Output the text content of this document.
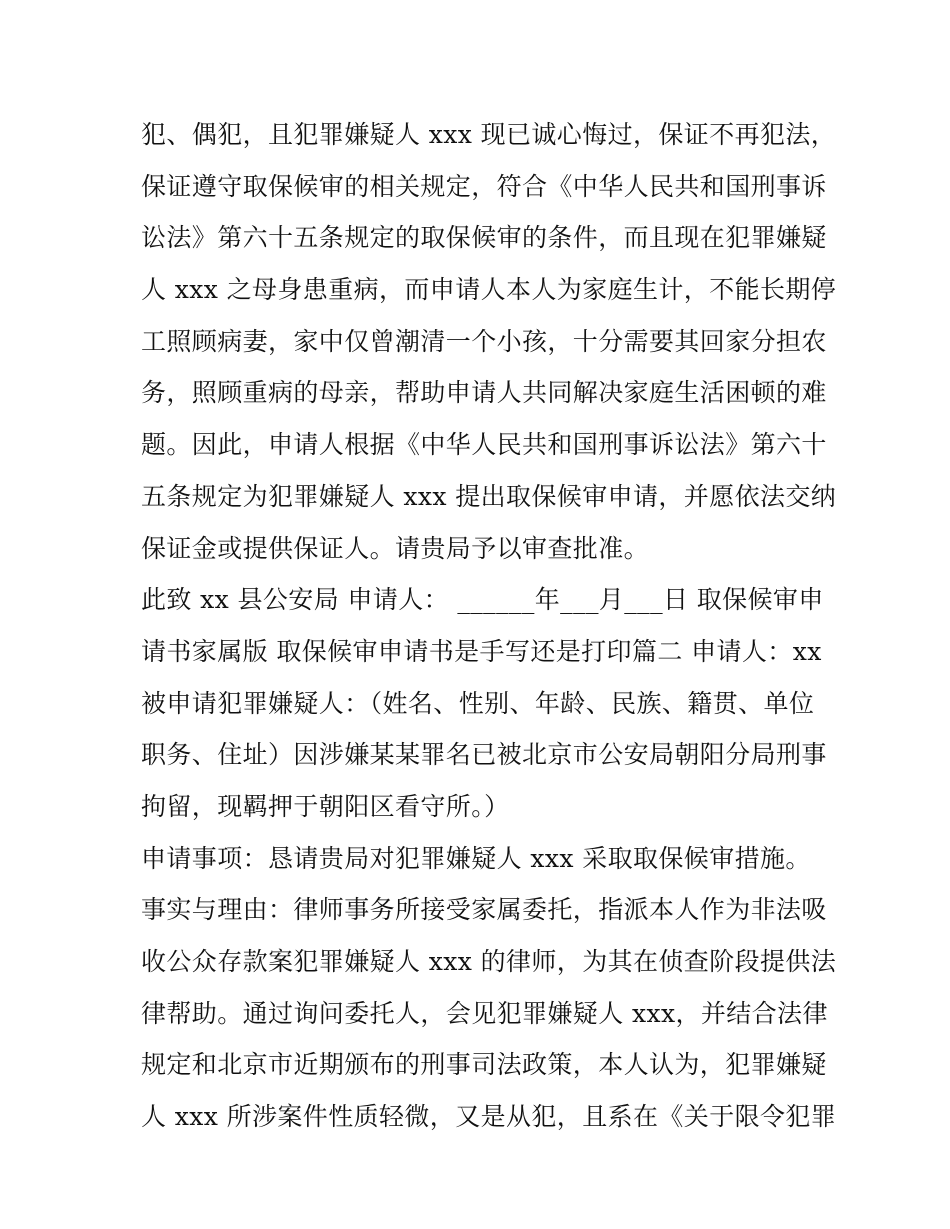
犯、偶犯，且犯罪嫌疑人 xxx 现已诚心悔过，保证不再犯法，
保证遵守取保候审的相关规定，符合《中华人民共和国刑事诉
讼法》第六十五条规定的取保候审的条件，而且现在犯罪嫌疑
人 xxx 之母身患重病，而申请人本人为家庭生计，不能长期停
工照顾病妻，家中仅曾潮清一个小孩，十分需要其回家分担农
务，照顾重病的母亲，帮助申请人共同解决家庭生活困顿的难
题。因此，申请人根据《中华人民共和国刑事诉讼法》第六十
五条规定为犯罪嫌疑人 xxx 提出取保候审申请，并愿依法交纳
保证金或提供保证人。请贵局予以审查批准。
此致 xx 县公安局 申请人： ______年___月___日 取保候审申
请书家属版 取保候审申请书是手写还是打印篇二 申请人：xx
被申请犯罪嫌疑人：（姓名、性别、年龄、民族、籍贯、单位
职务、住址）因涉嫌某某罪名已被北京市公安局朝阳分局刑事
拘留，现羁押于朝阳区看守所。）
申请事项：恳请贵局对犯罪嫌疑人 xxx 采取取保候审措施。
事实与理由：律师事务所接受家属委托，指派本人作为非法吸
收公众存款案犯罪嫌疑人 xxx 的律师，为其在侦查阶段提供法
律帮助。通过询问委托人，会见犯罪嫌疑人 xxx，并结合法律
规定和北京市近期颁布的刑事司法政策，本人认为，犯罪嫌疑
人 xxx 所涉案件性质轻微，又是从犯，且系在《关于限令犯罪
